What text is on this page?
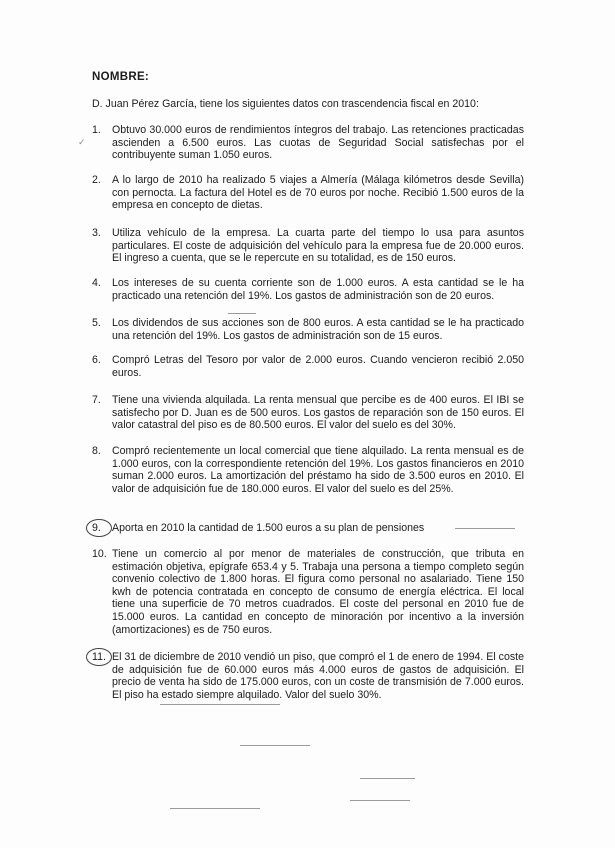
NOMBRE:
D. Juan Pérez García, tiene los siguientes datos con trascendencia fiscal en 2010:
1.	Obtuvo 30.000 euros de rendimientos íntegros del trabajo. Las retenciones practicadas ascienden a 6.500 euros. Las cuotas de Seguridad Social satisfechas por el contribuyente suman 1.050 euros.
2.	A lo largo de 2010 ha realizado 5 viajes a Almería (Málaga kilómetros desde Sevilla) con pernocta. La factura del Hotel es de 70 euros por noche. Recibió 1.500 euros de la empresa en concepto de dietas.
3.	Utiliza vehículo de la empresa. La cuarta parte del tiempo lo usa para asuntos particulares. El coste de adquisición del vehículo para la empresa fue de 20.000 euros. El ingreso a cuenta, que se le repercute en su totalidad, es de 150 euros.
4.	Los intereses de su cuenta corriente son de 1.000 euros. A esta cantidad se le ha practicado una retención del 19%. Los gastos de administración son de 20 euros.
5.	Los dividendos de sus acciones son de 800 euros. A esta cantidad se le ha practicado una retención del 19%. Los gastos de administración son de 15 euros.
6.	Compró Letras del Tesoro por valor de 2.000 euros. Cuando vencieron recibió 2.050 euros.
7.	Tiene una vivienda alquilada. La renta mensual que percibe es de 400 euros. El IBI se satisfecho por D. Juan es de 500 euros. Los gastos de reparación son de 150 euros. El valor catastral del piso es de 80.500 euros. El valor del suelo es del 30%.
8.	Compró recientemente un local comercial que tiene alquilado. La renta mensual es de 1.000 euros, con la correspondiente retención del 19%. Los gastos financieros en 2010 suman 2.000 euros. La amortización del préstamo ha sido de 3.500 euros en 2010. El valor de adquisición fue de 180.000 euros. El valor del suelo es del 25%.
9.	Aporta en 2010 la cantidad de 1.500 euros a su plan de pensiones
10. Tiene un comercio al por menor de materiales de construcción, que tributa en estimación objetiva, epígrafe 653.4 y 5. Trabaja una persona a tiempo completo según convenio colectivo de 1.800 horas. El figura como personal no asalariado. Tiene 150 kwh de potencia contratada en concepto de consumo de energía eléctrica. El local tiene una superficie de 70 metros cuadrados. El coste del personal en 2010 fue de 15.000 euros. La cantidad en concepto de minoración por incentivo a la inversión (amortizaciones) es de 750 euros.
11. El 31 de diciembre de 2010 vendió un piso, que compró el 1 de enero de 1994. El coste de adquisición fue de 60.000 euros más 4.000 euros de gastos de adquisición. El precio de venta ha sido de 175.000 euros, con un coste de transmisión de 7.000 euros. El piso ha estado siempre alquilado. Valor del suelo 30%.
✓
